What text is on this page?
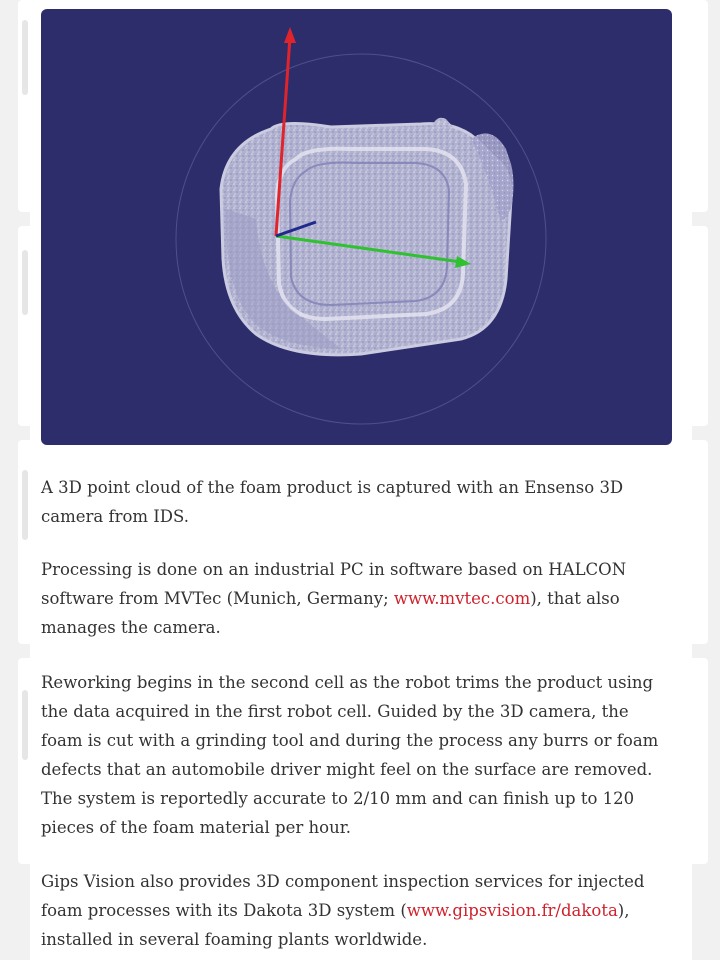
A 3D point cloud of the foam product is captured with an Ensenso 3D camera from IDS.

Processing is done on an industrial PC in software based on HALCON software from MVTec (Munich, Germany; www.mvtec.com), that also manages the camera.

Reworking begins in the second cell as the robot trims the product using the data acquired in the first robot cell. Guided by the 3D camera, the foam is cut with a grinding tool and during the process any burrs or foam defects that an automobile driver might feel on the surface are removed. The system is reportedly accurate to 2/10 mm and can finish up to 120 pieces of the foam material per hour.

Gips Vision also provides 3D component inspection services for injected foam processes with its Dakota 3D system (www.gipsvision.fr/dakota), installed in several foaming plants worldwide.
